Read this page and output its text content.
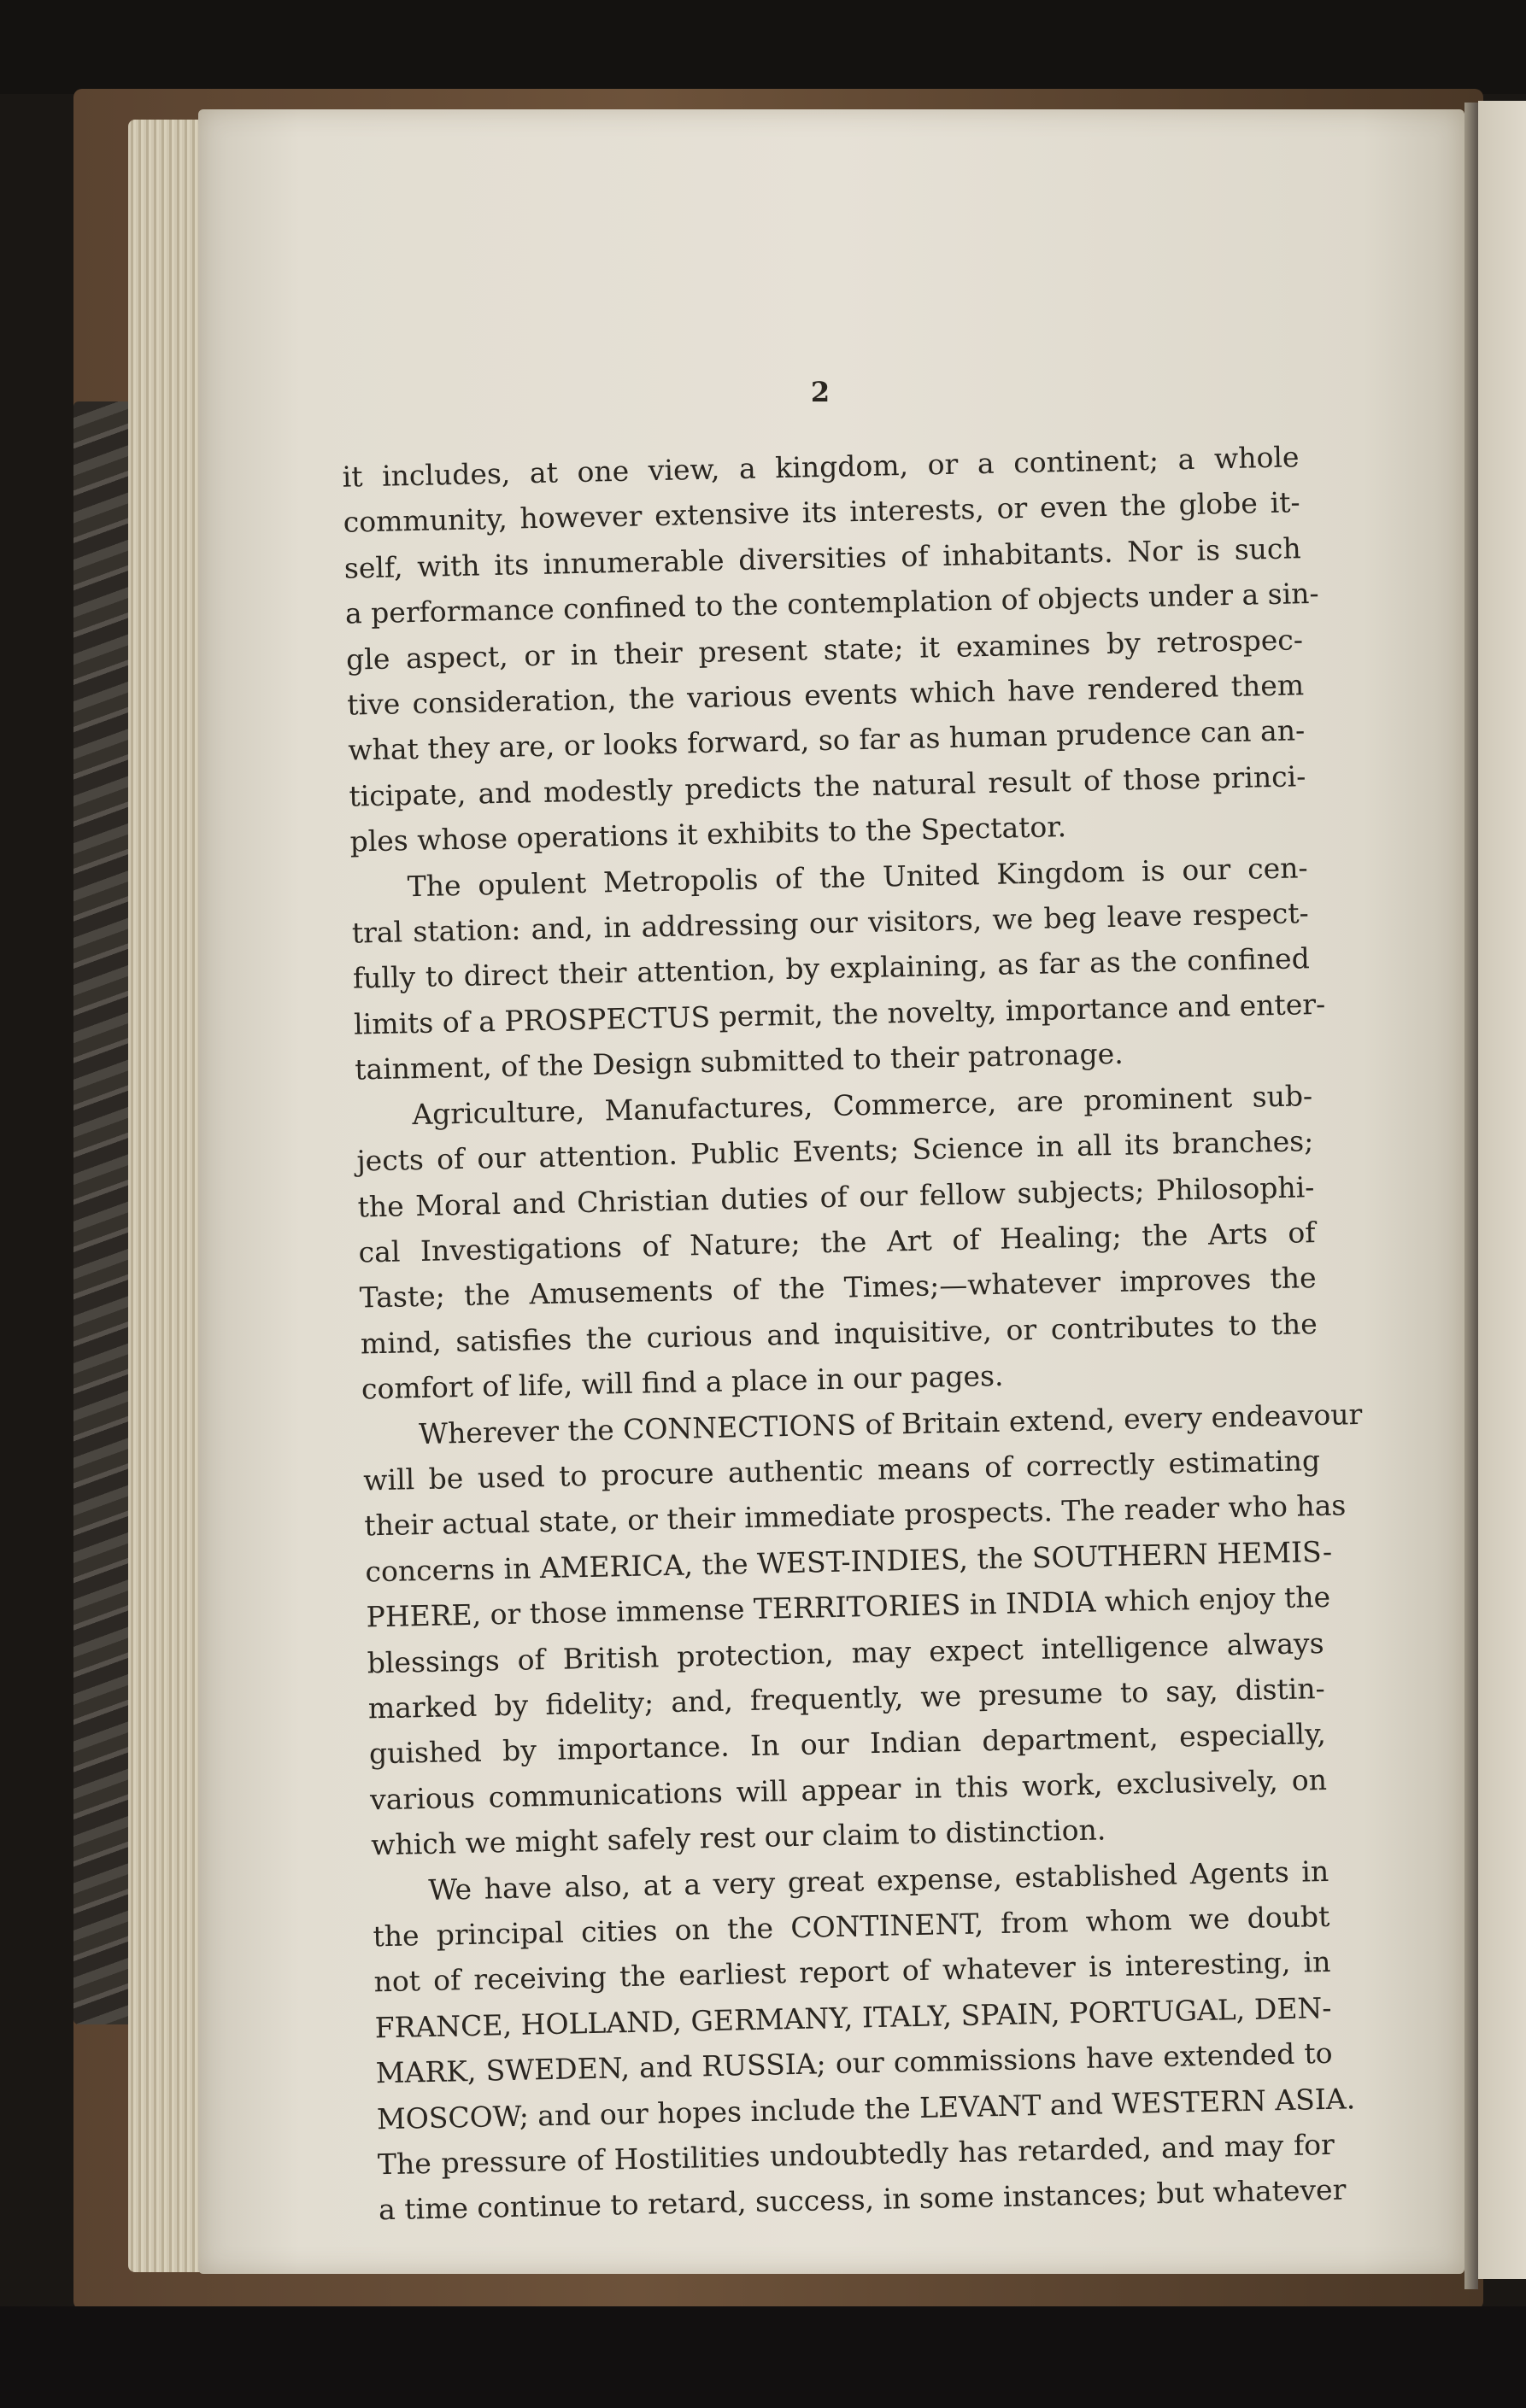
2
it includes, at one view, a kingdom, or a continent; a whole
community, however extensive its interests, or even the globe it-
self, with its innumerable diversities of inhabitants. Nor is such
a performance confined to the contemplation of objects under a sin-
gle aspect, or in their present state; it examines by retrospec-
tive consideration, the various events which have rendered them
what they are, or looks forward, so far as human prudence can an-
ticipate, and modestly predicts the natural result of those princi-
ples whose operations it exhibits to the Spectator.
The opulent Metropolis of the United Kingdom is our cen-
tral station: and, in addressing our visitors, we beg leave respect-
fully to direct their attention, by explaining, as far as the confined
limits of a PROSPECTUS permit, the novelty, importance and enter-
tainment, of the Design submitted to their patronage.
Agriculture, Manufactures, Commerce, are prominent sub-
jects of our attention. Public Events; Science in all its branches;
the Moral and Christian duties of our fellow subjects; Philosophi-
cal Investigations of Nature; the Art of Healing; the Arts of
Taste; the Amusements of the Times;—whatever improves the
mind, satisfies the curious and inquisitive, or contributes to the
comfort of life, will find a place in our pages.
Wherever the CONNECTIONS of Britain extend, every endeavour
will be used to procure authentic means of correctly estimating
their actual state, or their immediate prospects. The reader who has
concerns in AMERICA, the WEST-INDIES, the SOUTHERN HEMIS-
PHERE, or those immense TERRITORIES in INDIA which enjoy the
blessings of British protection, may expect intelligence always
marked by fidelity; and, frequently, we presume to say, distin-
guished by importance. In our Indian department, especially,
various communications will appear in this work, exclusively, on
which we might safely rest our claim to distinction.
We have also, at a very great expense, established Agents in
the principal cities on the CONTINENT, from whom we doubt
not of receiving the earliest report of whatever is interesting, in
FRANCE, HOLLAND, GERMANY, ITALY, SPAIN, PORTUGAL, DEN-
MARK, SWEDEN, and RUSSIA; our commissions have extended to
MOSCOW; and our hopes include the LEVANT and WESTERN ASIA.
The pressure of Hostilities undoubtedly has retarded, and may for
a time continue to retard, success, in some instances; but whatever
